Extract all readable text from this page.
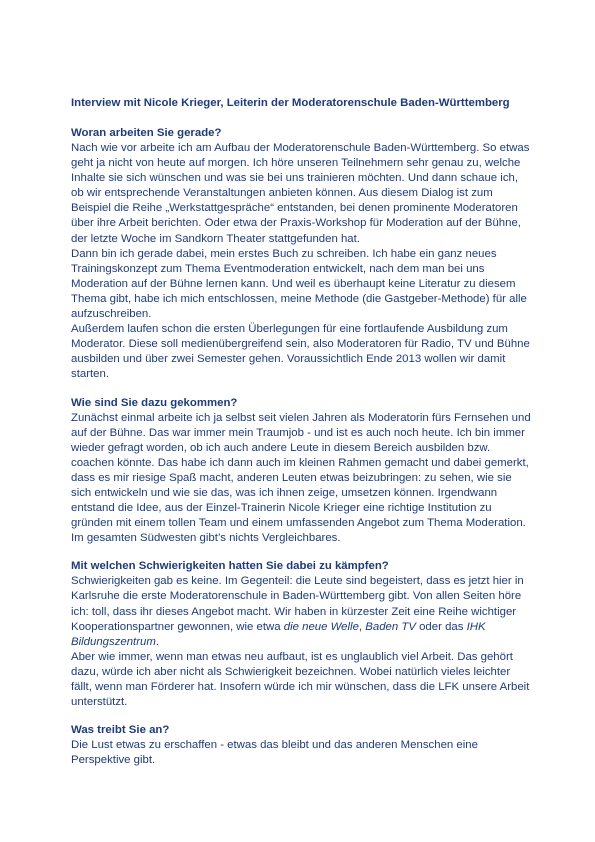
Interview mit Nicole Krieger, Leiterin der Moderatorenschule Baden-Württemberg
Woran arbeiten Sie gerade?
Nach wie vor arbeite ich am Aufbau der Moderatorenschule Baden-Württemberg. So etwas geht ja nicht von heute auf morgen. Ich höre unseren Teilnehmern sehr genau zu, welche Inhalte sie sich wünschen und was sie bei uns trainieren möchten. Und dann schaue ich, ob wir entsprechende Veranstaltungen anbieten können. Aus diesem Dialog ist zum Beispiel die Reihe „Werkstattgespräche“ entstanden, bei denen prominente Moderatoren über ihre Arbeit berichten. Oder etwa der Praxis-Workshop für Moderation auf der Bühne, der letzte Woche im Sandkorn Theater stattgefunden hat.
Dann bin ich gerade dabei, mein erstes Buch zu schreiben. Ich habe ein ganz neues Trainingskonzept zum Thema Eventmoderation entwickelt, nach dem man bei uns Moderation auf der Bühne lernen kann. Und weil es überhaupt keine Literatur zu diesem Thema gibt, habe ich mich entschlossen, meine Methode (die Gastgeber-Methode) für alle aufzuschreiben.
Außerdem laufen schon die ersten Überlegungen für eine fortlaufende Ausbildung zum Moderator. Diese soll medienübergreifend sein, also Moderatoren für Radio, TV und Bühne ausbilden und über zwei Semester gehen. Voraussichtlich Ende 2013 wollen wir damit starten.
Wie sind Sie dazu gekommen?
Zunächst einmal arbeite ich ja selbst seit vielen Jahren als Moderatorin fürs Fernsehen und auf der Bühne. Das war immer mein Traumjob - und ist es auch noch heute. Ich bin immer wieder gefragt worden, ob ich auch andere Leute in diesem Bereich ausbilden bzw. coachen könnte. Das habe ich dann auch im kleinen Rahmen gemacht und dabei gemerkt, dass es mir riesige Spaß macht, anderen Leuten etwas beizubringen: zu sehen, wie sie sich entwickeln und wie sie das, was ich ihnen zeige, umsetzen können. Irgendwann entstand die Idee, aus der Einzel-Trainerin Nicole Krieger eine richtige Institution zu gründen mit einem tollen Team und einem umfassenden Angebot zum Thema Moderation. Im gesamten Südwesten gibt’s nichts Vergleichbares.
Mit welchen Schwierigkeiten hatten Sie dabei zu kämpfen?
Schwierigkeiten gab es keine. Im Gegenteil: die Leute sind begeistert, dass es jetzt hier in Karlsruhe die erste Moderatorenschule in Baden-Württemberg gibt. Von allen Seiten höre ich: toll, dass ihr dieses Angebot macht. Wir haben in kürzester Zeit eine Reihe wichtiger Kooperationspartner gewonnen, wie etwa die neue Welle, Baden TV oder das IHK Bildungszentrum.
Aber wie immer, wenn man etwas neu aufbaut, ist es unglaublich viel Arbeit. Das gehört dazu, würde ich aber nicht als Schwierigkeit bezeichnen. Wobei natürlich vieles leichter fällt, wenn man Förderer hat. Insofern würde ich mir wünschen, dass die LFK unsere Arbeit unterstützt.
Was treibt Sie an?
Die Lust etwas zu erschaffen - etwas das bleibt und das anderen Menschen eine Perspektive gibt.
